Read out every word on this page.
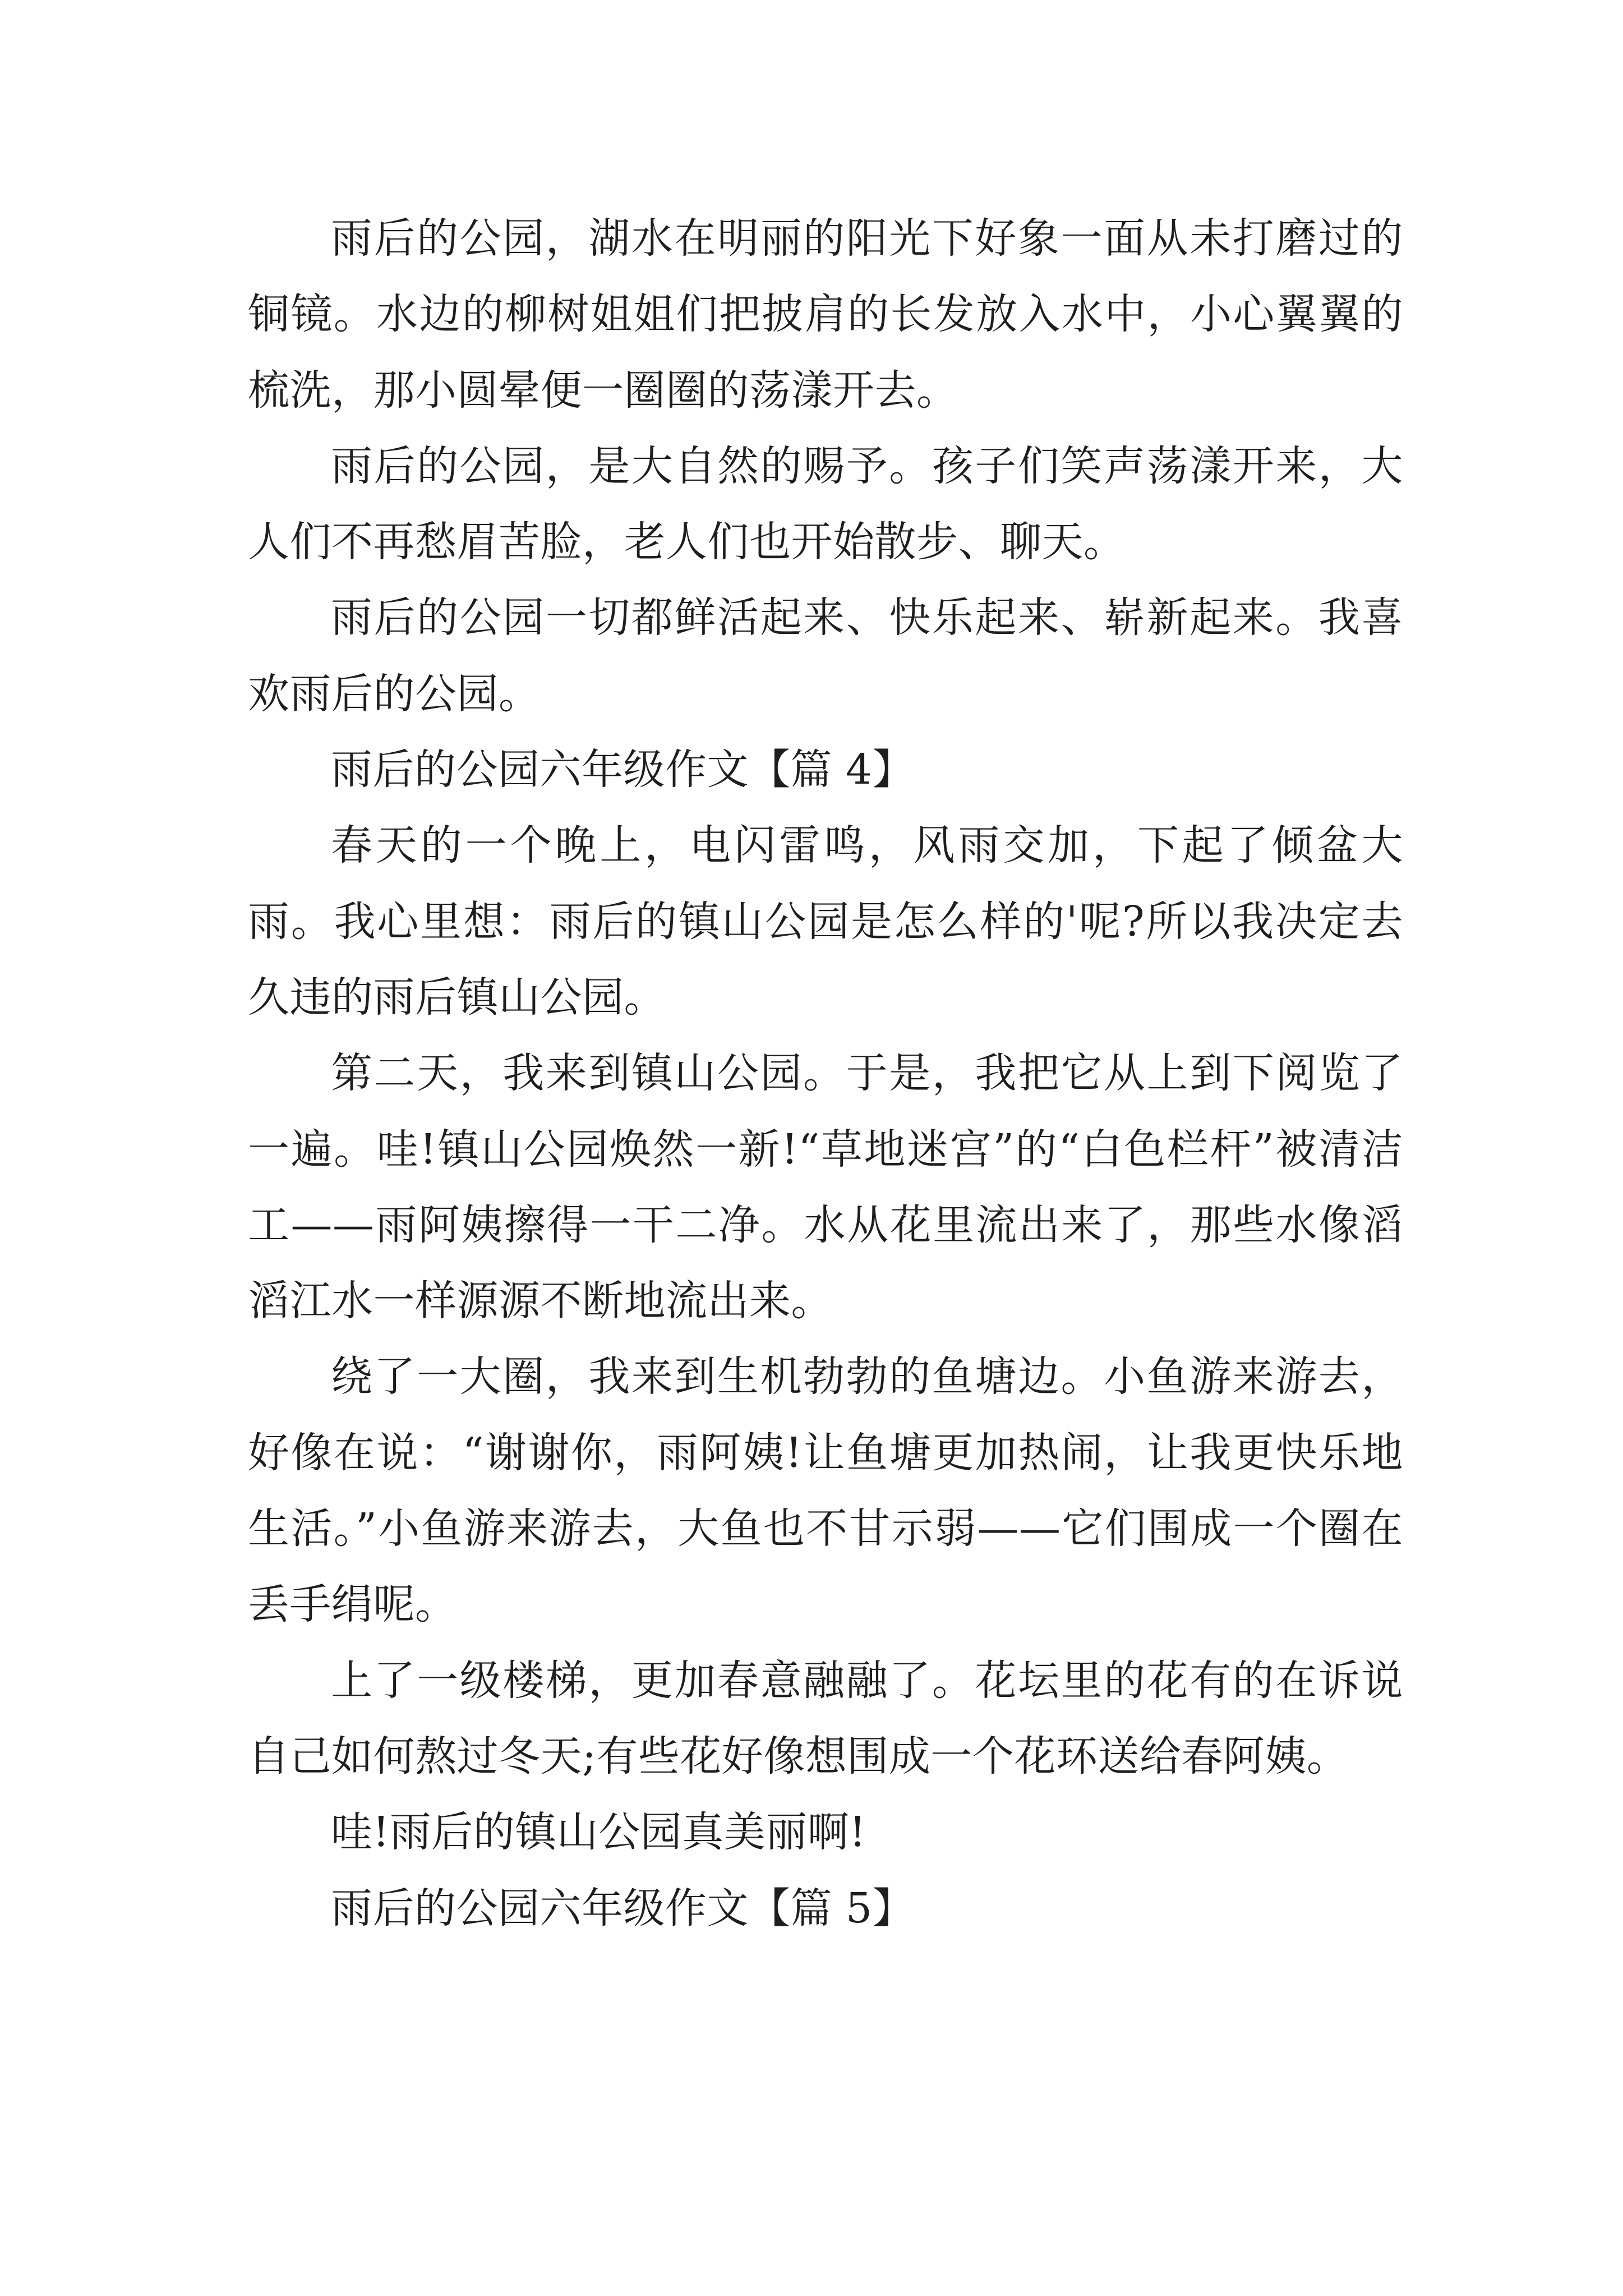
雨后的公园，湖水在明丽的阳光下好象一面从未打磨过的铜镜。水边的柳树姐姐们把披肩的长发放入水中，小心翼翼的梳洗，那小圆晕便一圈圈的荡漾开去。

雨后的公园，是大自然的赐予。孩子们笑声荡漾开来，大人们不再愁眉苦脸，老人们也开始散步、聊天。

雨后的公园一切都鲜活起来、快乐起来、崭新起来。我喜欢雨后的公园。

雨后的公园六年级作文【篇 4】

春天的一个晚上，电闪雷鸣，风雨交加，下起了倾盆大雨。我心里想：雨后的镇山公园是怎么样的'呢?所以我决定去久违的雨后镇山公园。

第二天，我来到镇山公园。于是，我把它从上到下阅览了一遍。哇!镇山公园焕然一新!“草地迷宫”的“白色栏杆”被清洁工——雨阿姨擦得一干二净。水从花里流出来了，那些水像滔滔江水一样源源不断地流出来。

绕了一大圈，我来到生机勃勃的鱼塘边。小鱼游来游去，好像在说：“谢谢你，雨阿姨!让鱼塘更加热闹，让我更快乐地生活。”小鱼游来游去，大鱼也不甘示弱——它们围成一个圈在丢手绢呢。

上了一级楼梯，更加春意融融了。花坛里的花有的在诉说自己如何熬过冬天;有些花好像想围成一个花环送给春阿姨。

哇!雨后的镇山公园真美丽啊!

雨后的公园六年级作文【篇 5】
